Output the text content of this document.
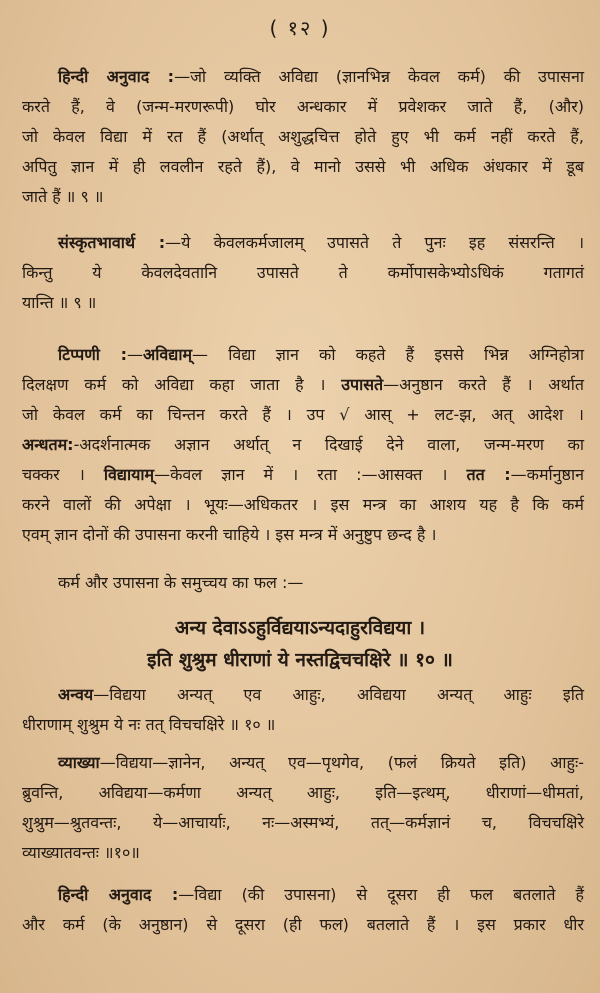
( १२ )
हिन्दी अनुवाद :—जो व्यक्ति अविद्या (ज्ञानभिन्न केवल कर्म) की उपासना
करते हैं, वे (जन्म-मरणरूपी) घोर अन्धकार में प्रवेशकर जाते हैं, (और)
जो केवल विद्या में रत हैं (अर्थात् अशुद्धचित्त होते हुए भी कर्म नहीं करते हैं,
अपितु ज्ञान में ही लवलीन रहते हैं), वे मानो उससे भी अधिक अंधकार में डूब
जाते हैं ॥ ९ ॥
संस्कृतभावार्थ :—ये केवलकर्मजालम् उपासते ते पुनः इह संसरन्ति ।
किन्तु ये केवलदेवतानि उपासते ते कर्मोपासकेभ्योऽधिकं गतागतं
यान्ति ॥ ९ ॥
टिप्पणी :—अविद्याम्— विद्या ज्ञान को कहते हैं इससे भिन्न अग्निहोत्रा
दिलक्षण कर्म को अविद्या कहा जाता है । उपासते—अनुष्ठान करते हैं । अर्थात
जो केवल कर्म का चिन्तन करते हैं । उप √ आस् + लट-झ, अत् आदेश ।
अन्धतम:-अदर्शनात्मक अज्ञान अर्थात् न दिखाई देने वाला, जन्म-मरण का
चक्कर । विद्यायाम्—केवल ज्ञान में । रता :—आसक्त । तत :—कर्मानुष्ठान
करने वालों की अपेक्षा । भूयः—अधिकतर । इस मन्त्र का आशय यह है कि कर्म
एवम् ज्ञान दोनों की उपासना करनी चाहिये । इस मन्त्र में अनुष्टुप छन्द है ।
कर्म और उपासना के समुच्चय का फल :—
अन्य देवाऽऽहुर्विद्ययाऽन्यदाहुरविद्यया ।
इति शुश्रुम धीराणां ये नस्तद्विचचक्षिरे ॥ १० ॥
अन्वय—विद्यया अन्यत् एव आहुः, अविद्यया अन्यत् आहुः इति
धीराणाम् शुश्रुम ये नः तत् विचचक्षिरे ॥ १० ॥
व्याख्या—विद्यया—ज्ञानेन, अन्यत् एव—पृथगेव, (फलं क्रियते इति) आहुः-
ब्रुवन्ति, अविद्यया—कर्मणा अन्यत् आहुः, इति—इत्थम्, धीराणां—धीमतां,
शुश्रुम—श्रुतवन्तः, ये—आचार्याः, नः—अस्मभ्यं, तत्—कर्मज्ञानं च, विचचक्षिरे
व्याख्यातवन्तः ॥१०॥
हिन्दी अनुवाद :—विद्या (की उपासना) से दूसरा ही फल बतलाते हैं
और कर्म (के अनुष्ठान) से दूसरा (ही फल) बतलाते हैं । इस प्रकार धीर
